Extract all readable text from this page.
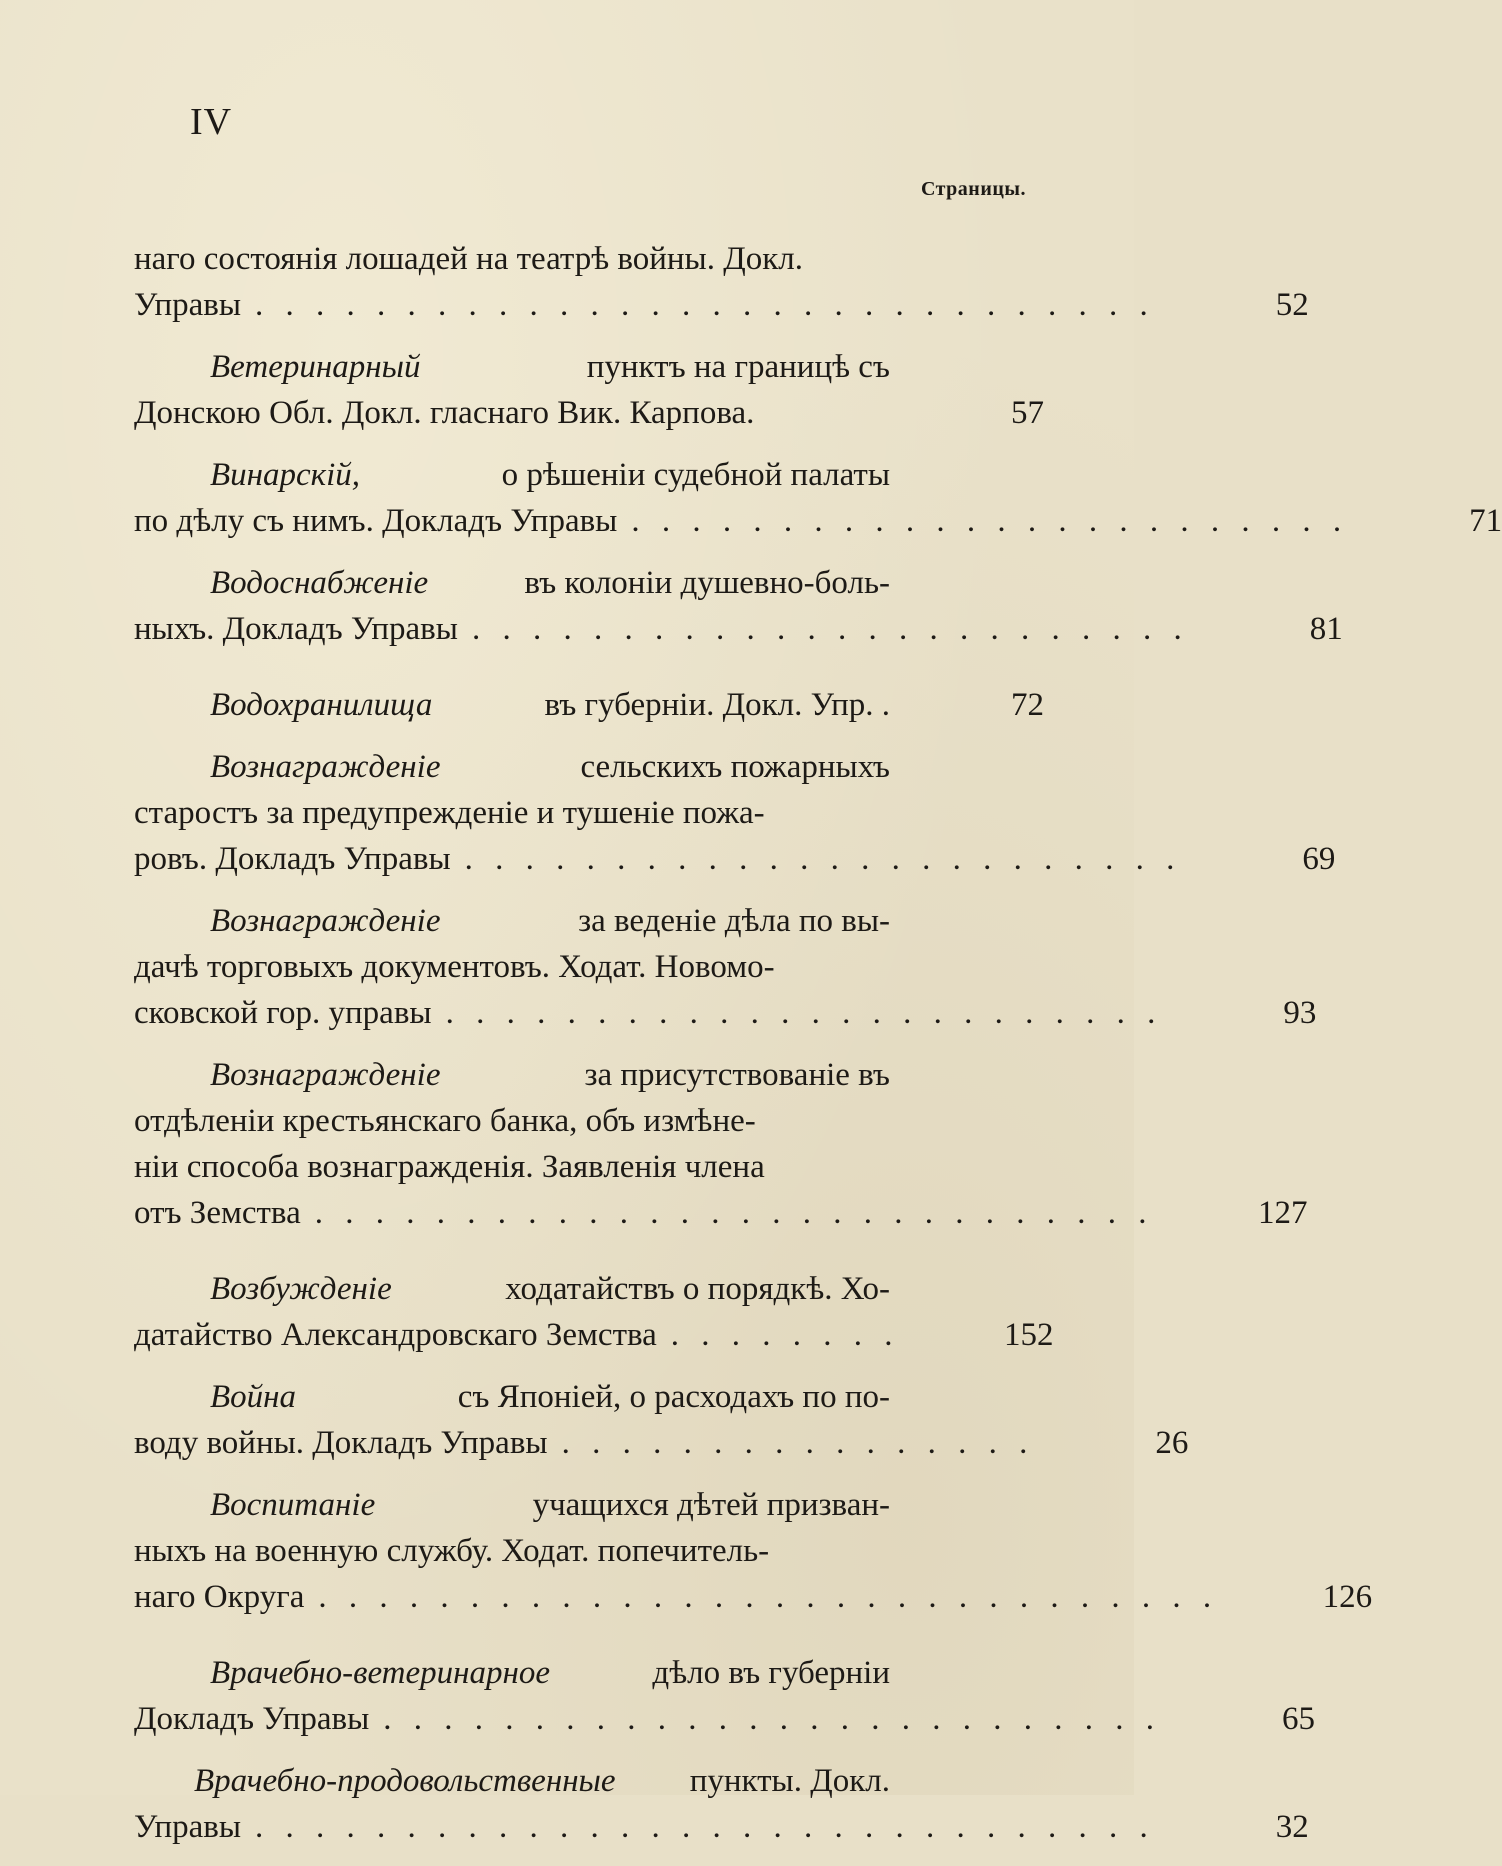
IV
Страницы.
наго состоянія лошадей на театрѣ войны. Докл.
Управы . . . . . . . . . . . . . . . . . . . . . . . . . . . . . .	52
Ветеринарный	пунктъ на границѣ съ
Донскою Обл. Докл. гласнаго Вик. Карпова.	57
Винарскій,	о рѣшеніи судебной палаты
по дѣлу съ нимъ. Докладъ Управы . . . . . . . . . . . . . . . . . . . . . . . .	71
Водоснабженіе	въ колоніи душевно-боль-
ныхъ. Докладъ Управы . . . . . . . . . . . . . . . . . . . . . . . .	81
Водохранилища	въ губерніи. Докл. Упр. .	72
Вознагражденіе	сельскихъ пожарныхъ
старостъ за предупрежденіе и тушеніе пожа-
ровъ. Докладъ Управы . . . . . . . . . . . . . . . . . . . . . . . .	69
Вознагражденіе	за веденіе дѣла по вы-
дачѣ торговыхъ документовъ. Ходат. Новомо-
сковской гор. управы . . . . . . . . . . . . . . . . . . . . . . . .	93
Вознагражденіе	за присутствованіе въ
отдѣленіи крестьянскаго банка, объ измѣне-
ніи способа вознагражденія. Заявленія члена
отъ Земства . . . . . . . . . . . . . . . . . . . . . . . . . . . .	127
Возбужденіе	ходатайствъ о порядкѣ. Хо-
датайство Александровскаго Земства . . . . . . . .	152
Война	съ Японіей, о расходахъ по по-
воду войны. Докладъ Управы . . . . . . . . . . . . . . . .	26
Воспитаніе	учащихся дѣтей призван-
ныхъ на военную службу. Ходат. попечитель-
наго Округа . . . . . . . . . . . . . . . . . . . . . . . . . . . . . .	126
Врачебно-ветеринарное	дѣло въ губерніи
Докладъ Управы . . . . . . . . . . . . . . . . . . . . . . . . . .	65
Врачебно-продовольственные пункты. Докл.
Управы . . . . . . . . . . . . . . . . . . . . . . . . . . . . . .	32
